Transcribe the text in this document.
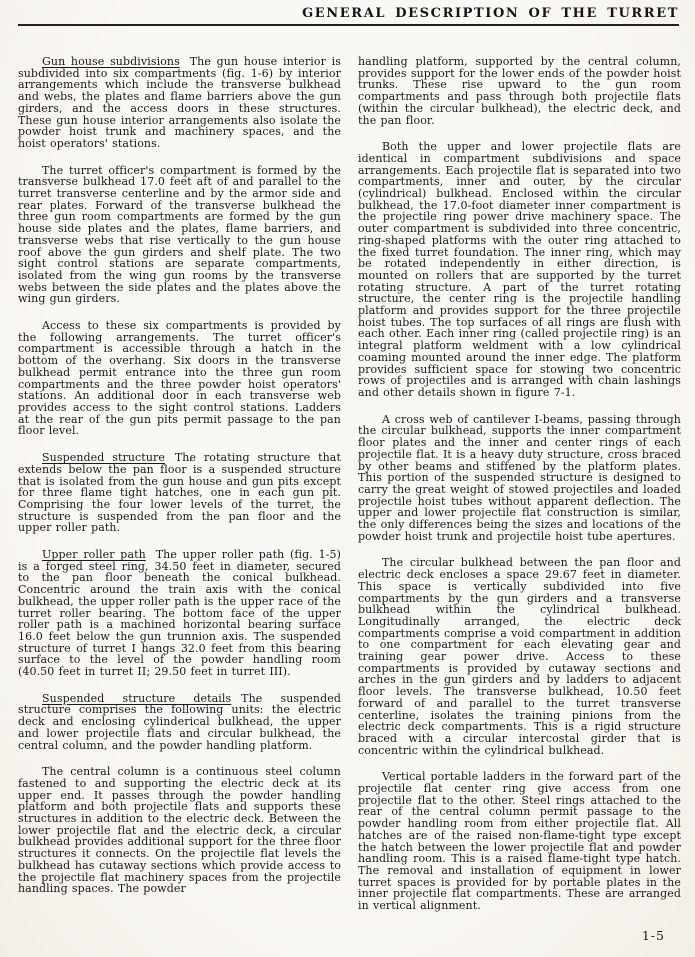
GENERAL DESCRIPTION OF THE TURRET

Gun house subdivisions . The gun house interior is subdivided into six compartments (fig. 1-6) by interior arrangements which include the transverse bulkhead and webs, the plates and flame barriers above the gun girders, and the access doors in these structures. These gun house interior arrangements also isolate the powder hoist trunk and machinery spaces, and the hoist operators' stations.

The turret officer's compartment is formed by the transverse bulkhead 17.0 feet aft of and parallel to the turret transverse centerline and by the armor side and rear plates. Forward of the transverse bulkhead the three gun room compartments are formed by the gun house side plates and the plates, flame barriers, and transverse webs that rise vertically to the gun house roof above the gun girders and shelf plate. The two sight control stations are separate compartments, isolated from the wing gun rooms by the transverse webs between the side plates and the plates above the wing gun girders.

Access to these six compartments is provided by the following arrangements. The turret officer's compartment is accessible through a hatch in the bottom of the overhang. Six doors in the transverse bulkhead permit entrance into the three gun room compartments and the three powder hoist operators' stations. An additional door in each transverse web provides access to the sight control stations. Ladders at the rear of the gun pits permit passage to the pan floor level.

Suspended structure . The rotating structure that extends below the pan floor is a suspended structure that is isolated from the gun house and gun pits except for three flame tight hatches, one in each gun pit. Comprising the four lower levels of the turret, the structure is suspended from the pan floor and the upper roller path.

Upper roller path . The upper roller path (fig. 1-5) is a forged steel ring, 34.50 feet in diameter, secured to the pan floor beneath the conical bulkhead. Concentric around the train axis with the conical bulkhead, the upper roller path is the upper race of the turret roller bearing. The bottom face of the upper roller path is a machined horizontal bearing surface 16.0 feet below the gun trunnion axis. The suspended structure of turret I hangs 32.0 feet from this bearing surface to the level of the powder handling room (40.50 feet in turret II; 29.50 feet in turret III).

Suspended structure details . The suspended structure comprises the following units: the electric deck and enclosing cylinderical bulkhead, the upper and lower projectile flats and circular bulkhead, the central column, and the powder handling platform.

The central column is a continuous steel column fastened to and supporting the electric deck at its upper end. It passes through the powder handling platform and both projectile flats and supports these structures in addition to the electric deck. Between the lower projectile flat and the electric deck, a circular bulkhead provides additional support for the three floor structures it connects. On the projectile flat levels the bulkhead has cutaway sections which provide access to the projectile flat machinery spaces from the projectile handling spaces. The powder

handling platform, supported by the central column, provides support for the lower ends of the powder hoist trunks. These rise upward to the gun room compartments and pass through both projectile flats (within the circular bulkhead), the electric deck, and the pan floor.

Both the upper and lower projectile flats are identical in compartment subdivisions and space arrangements. Each projectile flat is separated into two compartments, inner and outer, by the circular (cylindrical) bulkhead. Enclosed within the circular bulkhead, the 17.0-foot diameter inner compartment is the projectile ring power drive machinery space. The outer compartment is subdivided into three concentric, ring-shaped platforms with the outer ring attached to the fixed turret foundation. The inner ring, which may be rotated independently in either direction, is mounted on rollers that are supported by the turret rotating structure. A part of the turret rotating structure, the center ring is the projectile handling platform and provides support for the three projectile hoist tubes. The top surfaces of all rings are flush with each other. Each inner ring (called projectile ring) is an integral platform weldment with a low cylindrical coaming mounted around the inner edge. The platform provides sufficient space for stowing two concentric rows of projectiles and is arranged with chain lashings and other details shown in figure 7-1.

A cross web of cantilever I-beams, passing through the circular bulkhead, supports the inner compartment floor plates and the inner and center rings of each projectile flat. It is a heavy duty structure, cross braced by other beams and stiffened by the platform plates. This portion of the suspended structure is designed to carry the great weight of stowed projectiles and loaded projectile hoist tubes without apparent deflection. The upper and lower projectile flat construction is similar, the only differences being the sizes and locations of the powder hoist trunk and projectile hoist tube apertures.

The circular bulkhead between the pan floor and electric deck encloses a space 29.67 feet in diameter. This space is vertically subdivided into five compartments by the gun girders and a transverse bulkhead within the cylindrical bulkhead. Longitudinally arranged, the electric deck compartments comprise a void compartment in addition to one compartment for each elevating gear and training gear power drive. Access to these compartments is provided by cutaway sections and arches in the gun girders and by ladders to adjacent floor levels. The transverse bulkhead, 10.50 feet forward of and parallel to the turret transverse centerline, isolates the training pinions from the electric deck compartments. This is a rigid structure braced with a circular intercostal girder that is concentric within the cylindrical bulkhead.

Vertical portable ladders in the forward part of the projectile flat center ring give access from one projectile flat to the other. Steel rings attached to the rear of the central column permit passage to the powder handling room from either projectile flat. All hatches are of the raised non-flame-tight type except the hatch between the lower projectile flat and powder handling room. This is a raised flame-tight type hatch. The removal and installation of equipment in lower turret spaces is provided for by portable plates in the inner projectile flat compartments. These are arranged in vertical alignment.

1-5
